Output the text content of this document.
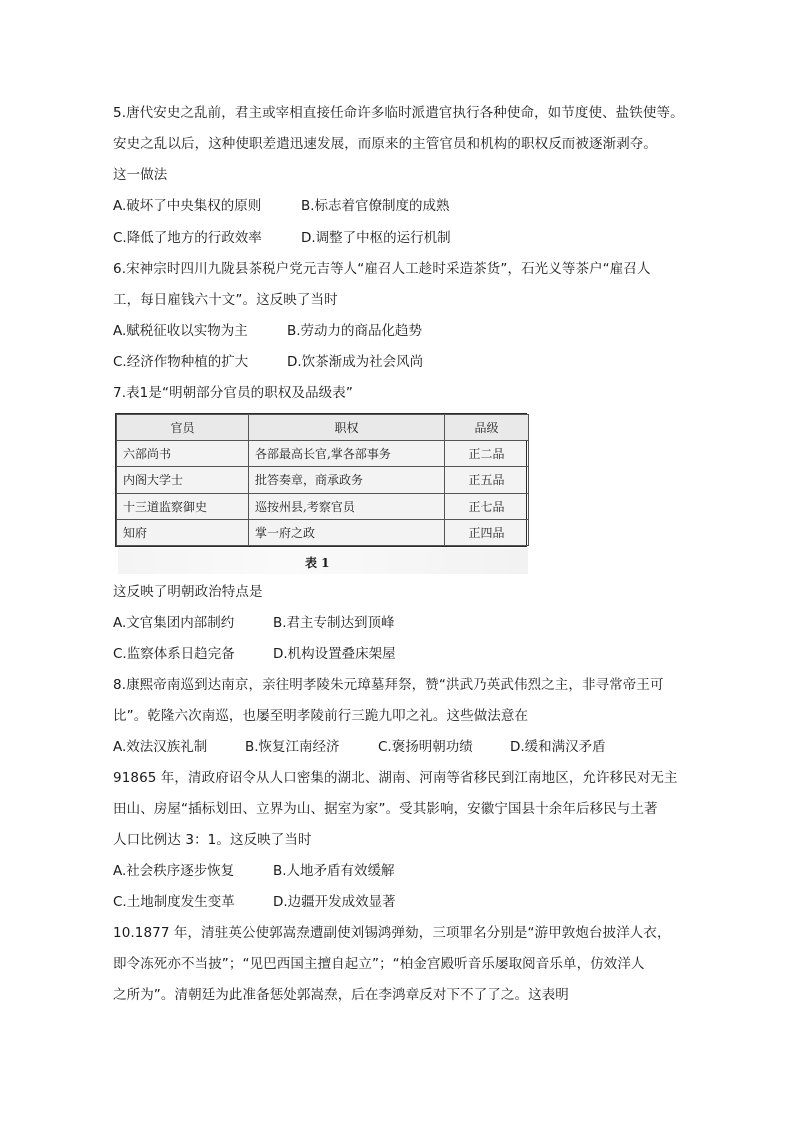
5.唐代安史之乱前，君主或宰相直接任命许多临时派遣官执行各种使命，如节度使、盐铁使等。
安史之乱以后，这种使职差遣迅速发展，而原来的主管官员和机构的职权反而被逐渐剥夺。
这一做法
A.破坏了中央集权的原则	B.标志着官僚制度的成熟
C.降低了地方的行政效率	D.调整了中枢的运行机制
6.宋神宗时四川九陇县茶税户党元吉等人“雇召人工趁时采造茶货”，石光义等茶户“雇召人
工，每日雇钱六十文”。这反映了当时
A.赋税征收以实物为主	B.劳动力的商品化趋势
C.经济作物种植的扩大	D.饮茶渐成为社会风尚
7.表1是“明朝部分官员的职权及品级表”
官员	职权	品级
六部尚书	各部最高长官,掌各部事务	正二品
内阁大学士	批答奏章，商承政务	正五品
十三道监察御史	巡按州县,考察官员	正七品
知府	掌一府之政	正四品
表 1
这反映了明朝政治特点是
A.文官集团内部制约	B.君主专制达到顶峰
C.监察体系日趋完备	D.机构设置叠床架屋
8.康熙帝南巡到达南京，亲往明孝陵朱元璋墓拜祭，赞“洪武乃英武伟烈之主，非寻常帝王可
比”。乾隆六次南巡，也屡至明孝陵前行三跪九叩之礼。这些做法意在
A.效法汉族礼制	B.恢复江南经济	C.褒扬明朝功绩	D.缓和满汉矛盾
91865 年，清政府诏令从人口密集的湖北、湖南、河南等省移民到江南地区，允许移民对无主
田山、房屋“插标划田、立界为山、据室为家”。受其影响，安徽宁国县十余年后移民与土著
人口比例达 3：1。这反映了当时
A.社会秩序逐步恢复	B.人地矛盾有效缓解
C.土地制度发生变革	D.边疆开发成效显著
10.1877 年，清驻英公使郭嵩焘遭副使刘锡鸿弹劾，三项罪名分别是“游甲敦炮台披洋人衣，
即令冻死亦不当披”；“见巴西国主擅自起立”；“柏金宫殿听音乐屡取阅音乐单，仿效洋人
之所为”。清朝廷为此准备惩处郭嵩焘，后在李鸿章反对下不了了之。这表明
